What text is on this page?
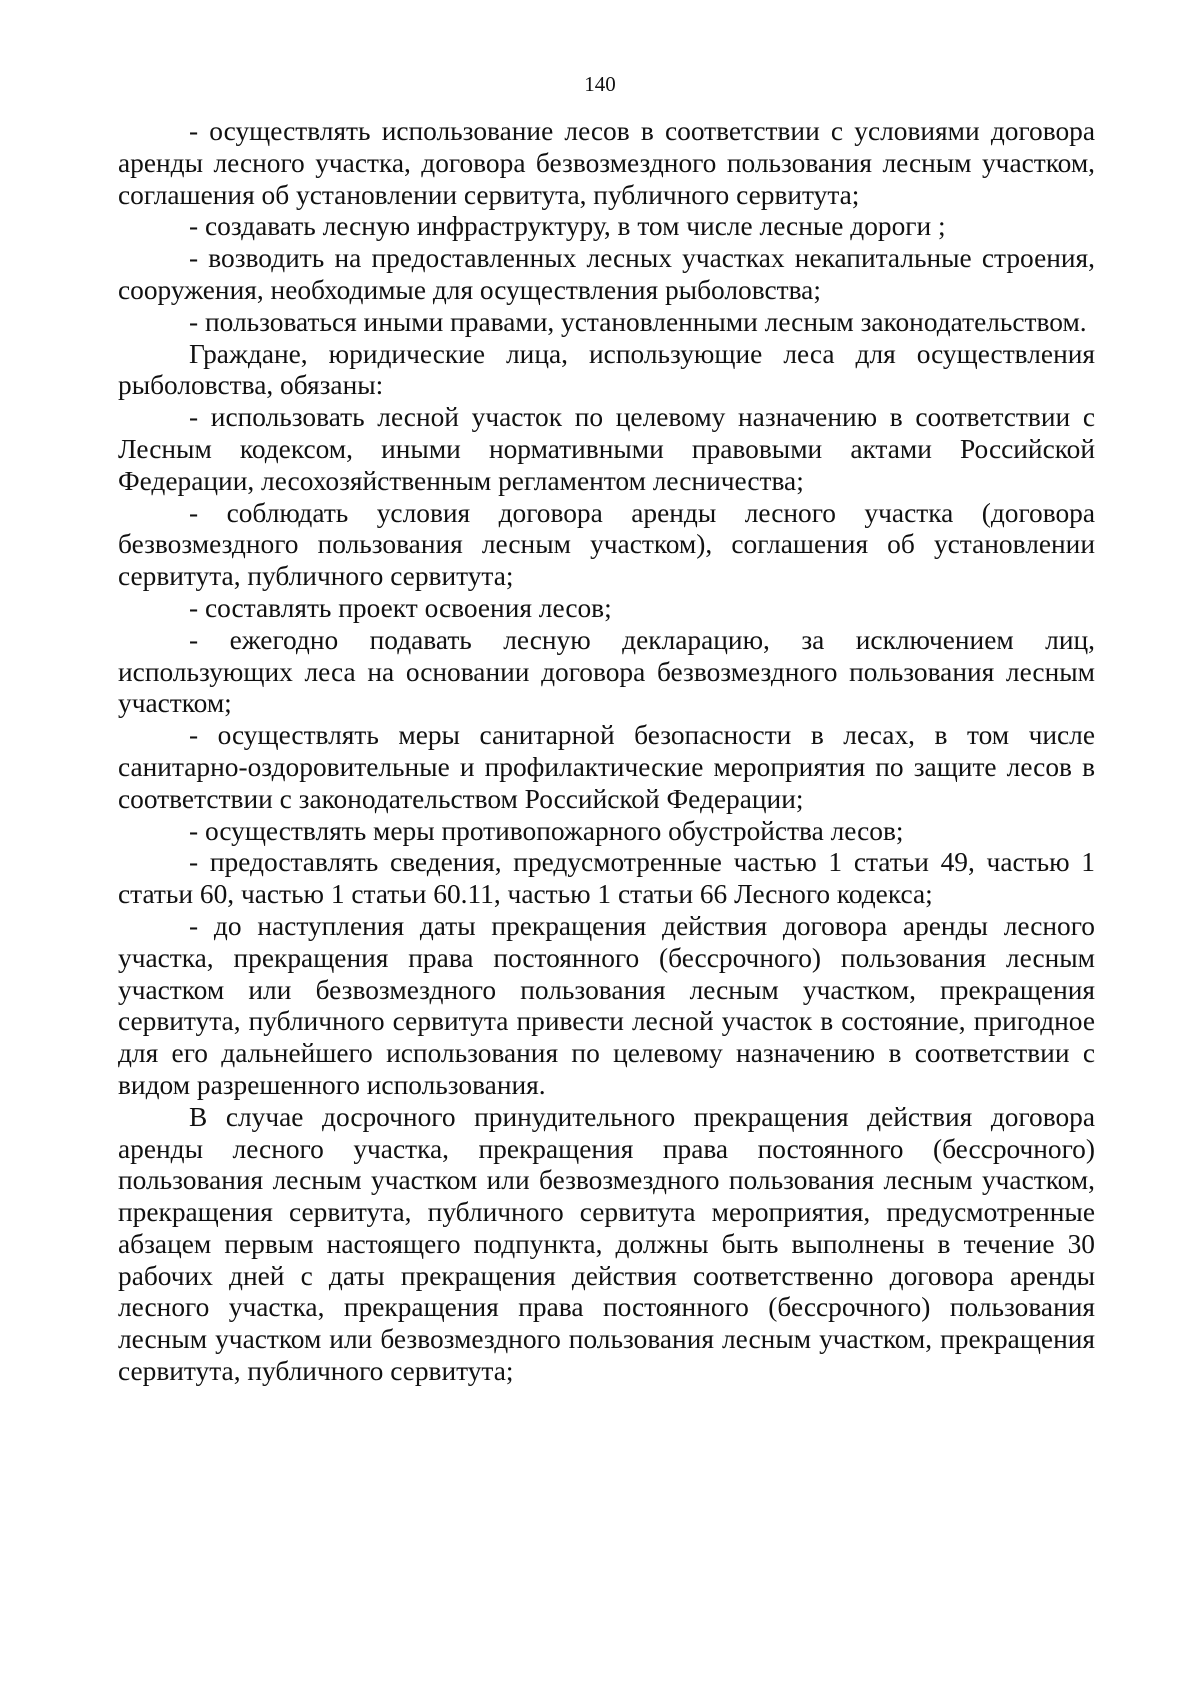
140

- осуществлять использование лесов в соответствии с условиями договора аренды лесного участка, договора безвозмездного пользования лесным участком, соглашения об установлении сервитута, публичного сервитута;

- создавать лесную инфраструктуру, в том числе лесные дороги ;

- возводить на предоставленных лесных участках некапитальные строения, сооружения, необходимые для осуществления рыболовства;

- пользоваться иными правами, установленными лесным законодательством.

Граждане, юридические лица, использующие леса для осуществления рыболовства, обязаны:

- использовать лесной участок по целевому назначению в соответствии с Лесным кодексом, иными нормативными правовыми актами Российской Федерации, лесохозяйственным регламентом лесничества;

- соблюдать условия договора аренды лесного участка (договора безвозмездного пользования лесным участком), соглашения об установлении сервитута, публичного сервитута;

- составлять проект освоения лесов;

- ежегодно подавать лесную декларацию, за исключением лиц, использующих леса на основании договора безвозмездного пользования лесным участком;

- осуществлять меры санитарной безопасности в лесах, в том числе санитарно-оздоровительные и профилактические мероприятия по защите лесов в соответствии с законодательством Российской Федерации;

- осуществлять меры противопожарного обустройства лесов;

- предоставлять сведения, предусмотренные частью 1 статьи 49, частью 1 статьи 60, частью 1 статьи 60.11, частью 1 статьи 66 Лесного кодекса;

- до наступления даты прекращения действия договора аренды лесного участка, прекращения права постоянного (бессрочного) пользования лесным участком или безвозмездного пользования лесным участком, прекращения сервитута, публичного сервитута привести лесной участок в состояние, пригодное для его дальнейшего использования по целевому назначению в соответствии с видом разрешенного использования.

В случае досрочного принудительного прекращения действия договора аренды лесного участка, прекращения права постоянного (бессрочного) пользования лесным участком или безвозмездного пользования лесным участком, прекращения сервитута, публичного сервитута мероприятия, предусмотренные абзацем первым настоящего подпункта, должны быть выполнены в течение 30 рабочих дней с даты прекращения действия соответственно договора аренды лесного участка, прекращения права постоянного (бессрочного) пользования лесным участком или безвозмездного пользования лесным участком, прекращения сервитута, публичного сервитута;
